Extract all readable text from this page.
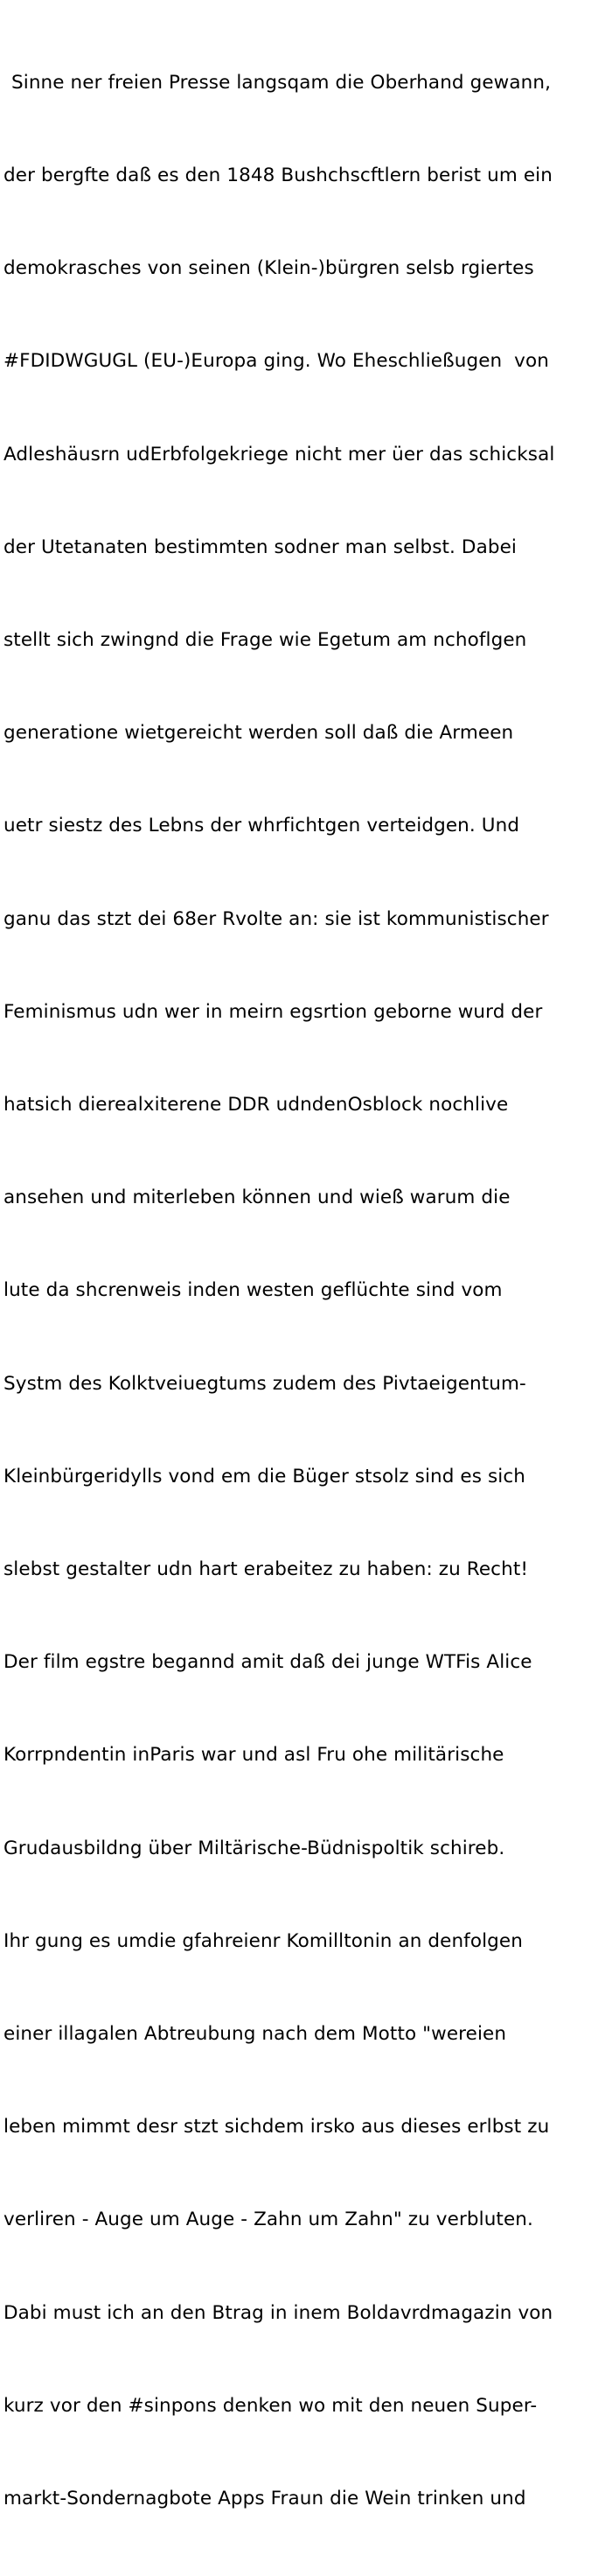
Sinne ner freien Presse langsqam die Oberhand gewann,

der bergfte daß es den 1848 Bushchscftlern berist um ein

demokrasches von seinen (Klein-)bürgren selsb rgiertes

#FDIDWGUGL (EU-)Europa ging. Wo Eheschließugen  von

Adleshäusrn udErbfolgekriege nicht mer üer das schicksal

der Utetanaten bestimmten sodner man selbst. Dabei

stellt sich zwingnd die Frage wie Egetum am nchoflgen

generatione wietgereicht werden soll daß die Armeen

uetr siestz des Lebns der whrfichtgen verteidgen. Und

ganu das stzt dei 68er Rvolte an: sie ist kommunistischer

Feminismus udn wer in meirn egsrtion geborne wurd der

hatsich dierealxiterene DDR udndenOsblock nochlive

ansehen und miterleben können und wieß warum die

lute da shcrenweis inden westen geflüchte sind vom

Systm des Kolktveiuegtums zudem des Pivtaeigentum-

Kleinbürgeridylls vond em die Büger stsolz sind es sich

slebst gestalter udn hart erabeitez zu haben: zu Recht!

Der film egstre begannd amit daß dei junge WTFis Alice

Korrpndentin inParis war und asl Fru ohe militärische

Grudausbildng über Miltärische-Büdnispoltik schireb.

Ihr gung es umdie gfahreienr Komilltonin an denfolgen

einer illagalen Abtreubung nach dem Motto "wereien

leben mimmt desr stzt sichdem irsko aus dieses erlbst zu

verliren - Auge um Auge - Zahn um Zahn" zu verbluten.

Dabi must ich an den Btrag in inem Boldavrdmagazin von

kurz vor den #sinpons denken wo mit den neuen Super-

markt-Sondernagbote Apps Fraun die Wein trinken und
